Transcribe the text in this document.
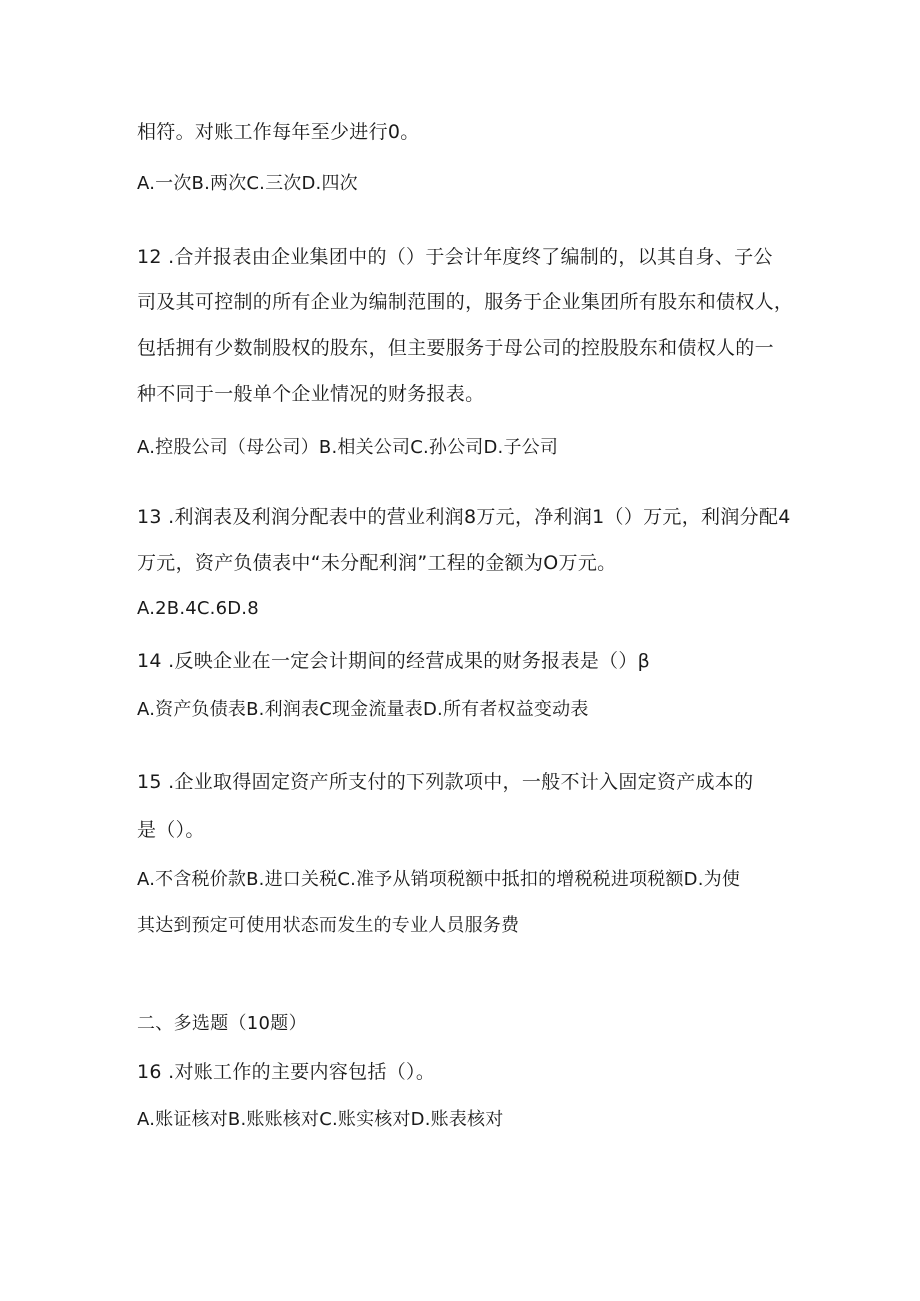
相符。对账工作每年至少进行0。
A.一次B.两次C.三次D.四次
12 .合并报表由企业集团中的（）于会计年度终了编制的，以其自身、子公
司及其可控制的所有企业为编制范围的，服务于企业集团所有股东和债权人，
包括拥有少数制股权的股东，但主要服务于母公司的控股股东和债权人的一
种不同于一般单个企业情况的财务报表。
A.控股公司（母公司）B.相关公司C.孙公司D.子公司
13 .利润表及利润分配表中的营业利润8万元，净利润1（）万元，利润分配4
万元，资产负债表中“未分配利润”工程的金额为O万元。
A.2B.4C.6D.8
14 .反映企业在一定会计期间的经营成果的财务报表是（）β
A.资产负债表B.利润表C现金流量表D.所有者权益变动表
15 .企业取得固定资产所支付的下列款项中，一般不计入固定资产成本的
是（）。
A.不含税价款B.进口关税C.准予从销项税额中抵扣的增税税进项税额D.为使
其达到预定可使用状态而发生的专业人员服务费
二、多选题（10题）
16 .对账工作的主要内容包括（）。
A.账证核对B.账账核对C.账实核对D.账表核对
